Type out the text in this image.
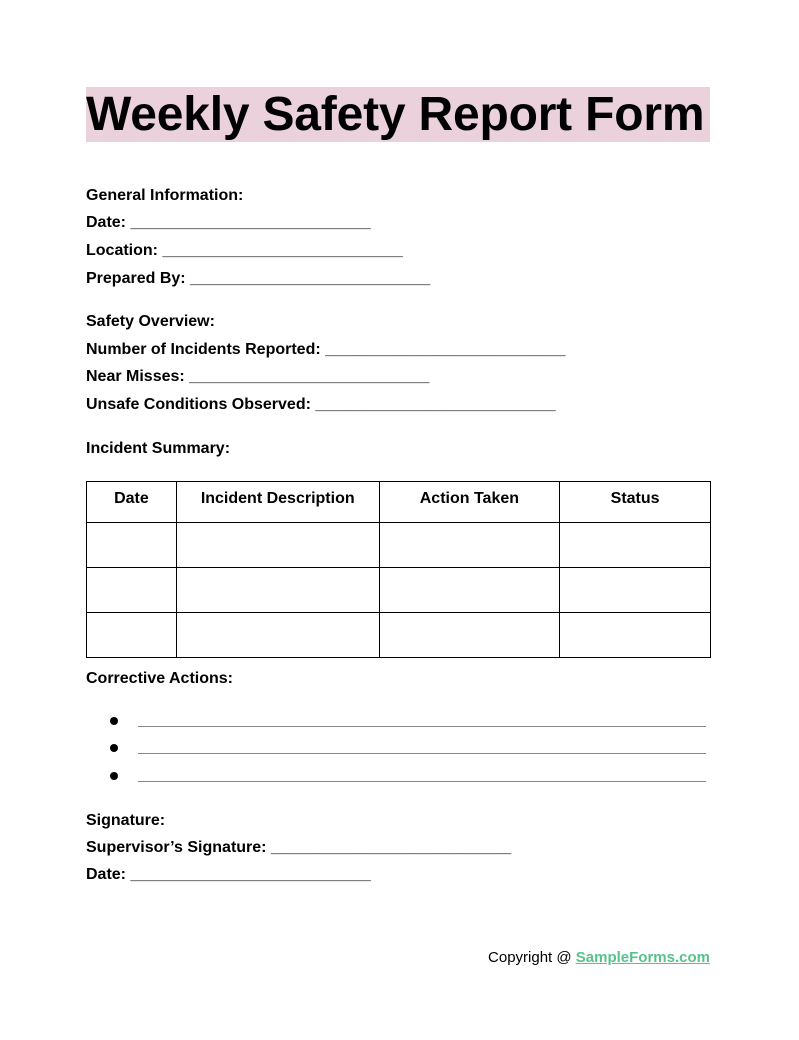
Weekly Safety Report Form
General Information:
Date: ___________________________
Location: ___________________________
Prepared By: ___________________________
Safety Overview:
Number of Incidents Reported: ___________________________
Near Misses: ___________________________
Unsafe Conditions Observed: ___________________________
Incident Summary:
Date	Incident Description	Action Taken	Status

Corrective Actions:
Signature:
Supervisor’s Signature: ___________________________
Date: ___________________________
Copyright @ SampleForms.com
